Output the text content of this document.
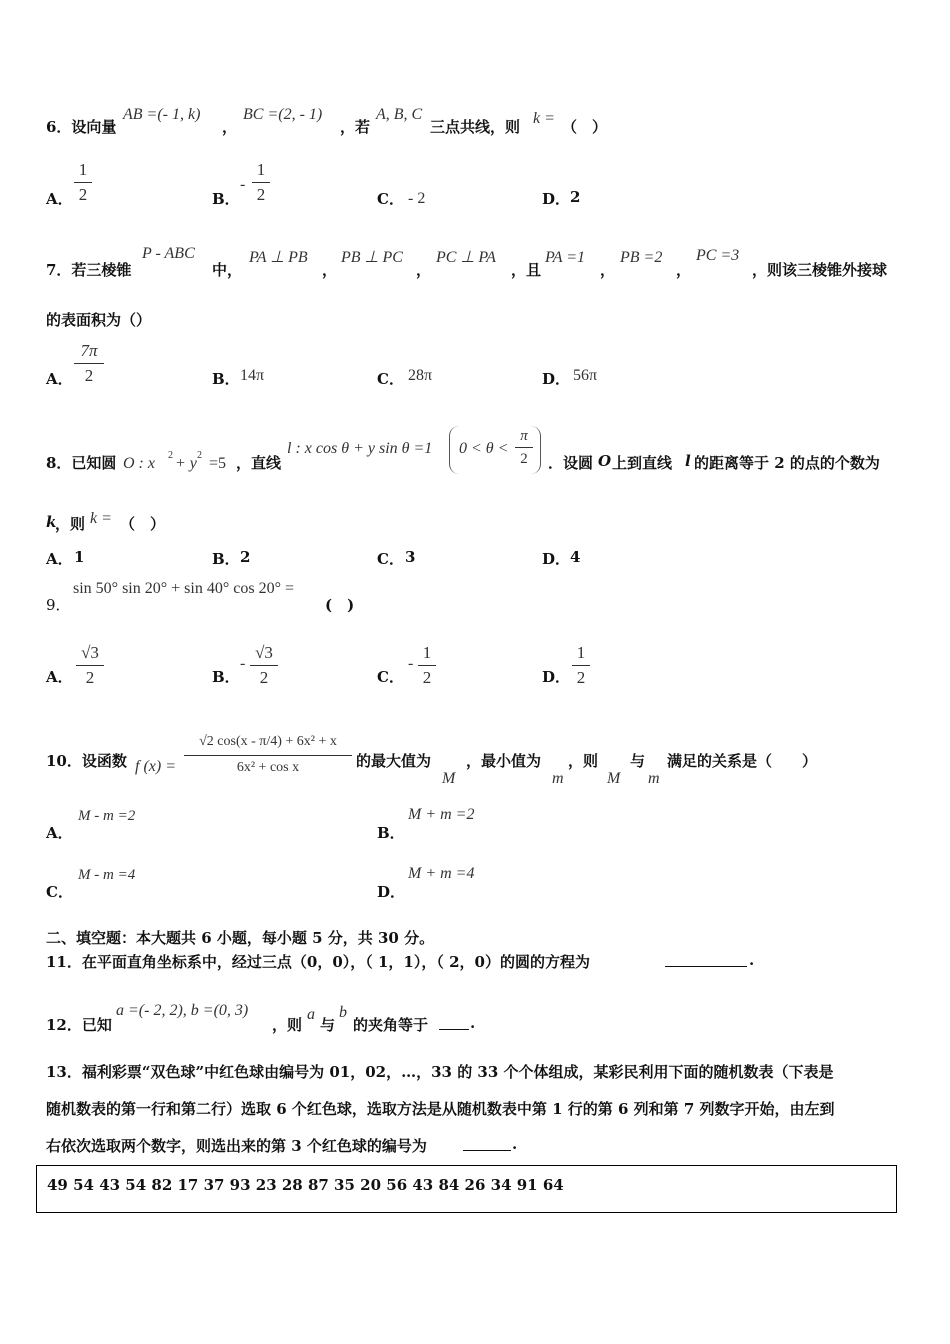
6．设向量
AB =(- 1, k)
，
BC =(2, - 1)
，若
A, B, C
三点共线，则 k = （　）
A．
1
2	B．
-
1
2	C． - 2	D． 2
7．若三棱锥
P - ABC
中，
PA ⊥ PB
，
PB ⊥ PC
，
PC ⊥ PA
，且
PA =1
，
PB =2
，
PC =3
，则该三棱锥外接球
的表面积为（）
A．
7π
2	B． 14π	C． 28π	D． 56π
8．已知圆 O : x 2 + y 2 =5 ，直线
l : x cos θ + y sin θ =1 0 < θ <
π
2	．设圆 O 上到直线 l 的距离等于 2 的点的个数为
k
，则 k = （　）
A． 1	B． 2	C． 3	D． 4
9．
sin 50° sin 20° + sin 40° cos 20° =
(　)
A．
√3
2	B．
-
√3
2	C．
-
1
2	D．
1
2
10．设函数 f (x) =
√2 cos(x - π/4) + 6x² + x
6x² + cos x	的最大值为
M
，最小值为
m
，则
M
与
m
满足的关系是（　　）
A．
M - m =2
B．
M + m =2
C．
M - m =4
D．
M + m =4
二、填空题：本大题共 6 小题，每小题 5 分，共 30 分。
11．在平面直角坐标系中，经过三点（0，0），（ 1，1），（ 2，0）的圆的方程为	.
12．已知
a =(- 2, 2), b =(0, 3)
，则
a
与
b
的夹角等于	.
13．福利彩票“双色球”中红色球由编号为 01，02，…，33 的 33 个个体组成，某彩民利用下面的随机数表（下表是
随机数表的第一行和第二行）选取 6 个红色球，选取方法是从随机数表中第 1 行的第 6 列和第 7 列数字开始，由左到
右依次选取两个数字，则选出来的第 3 个红色球的编号为	.
49 54 43 54 82 17 37 93 23 28 87 35 20 56 43 84 26 34 91 64
